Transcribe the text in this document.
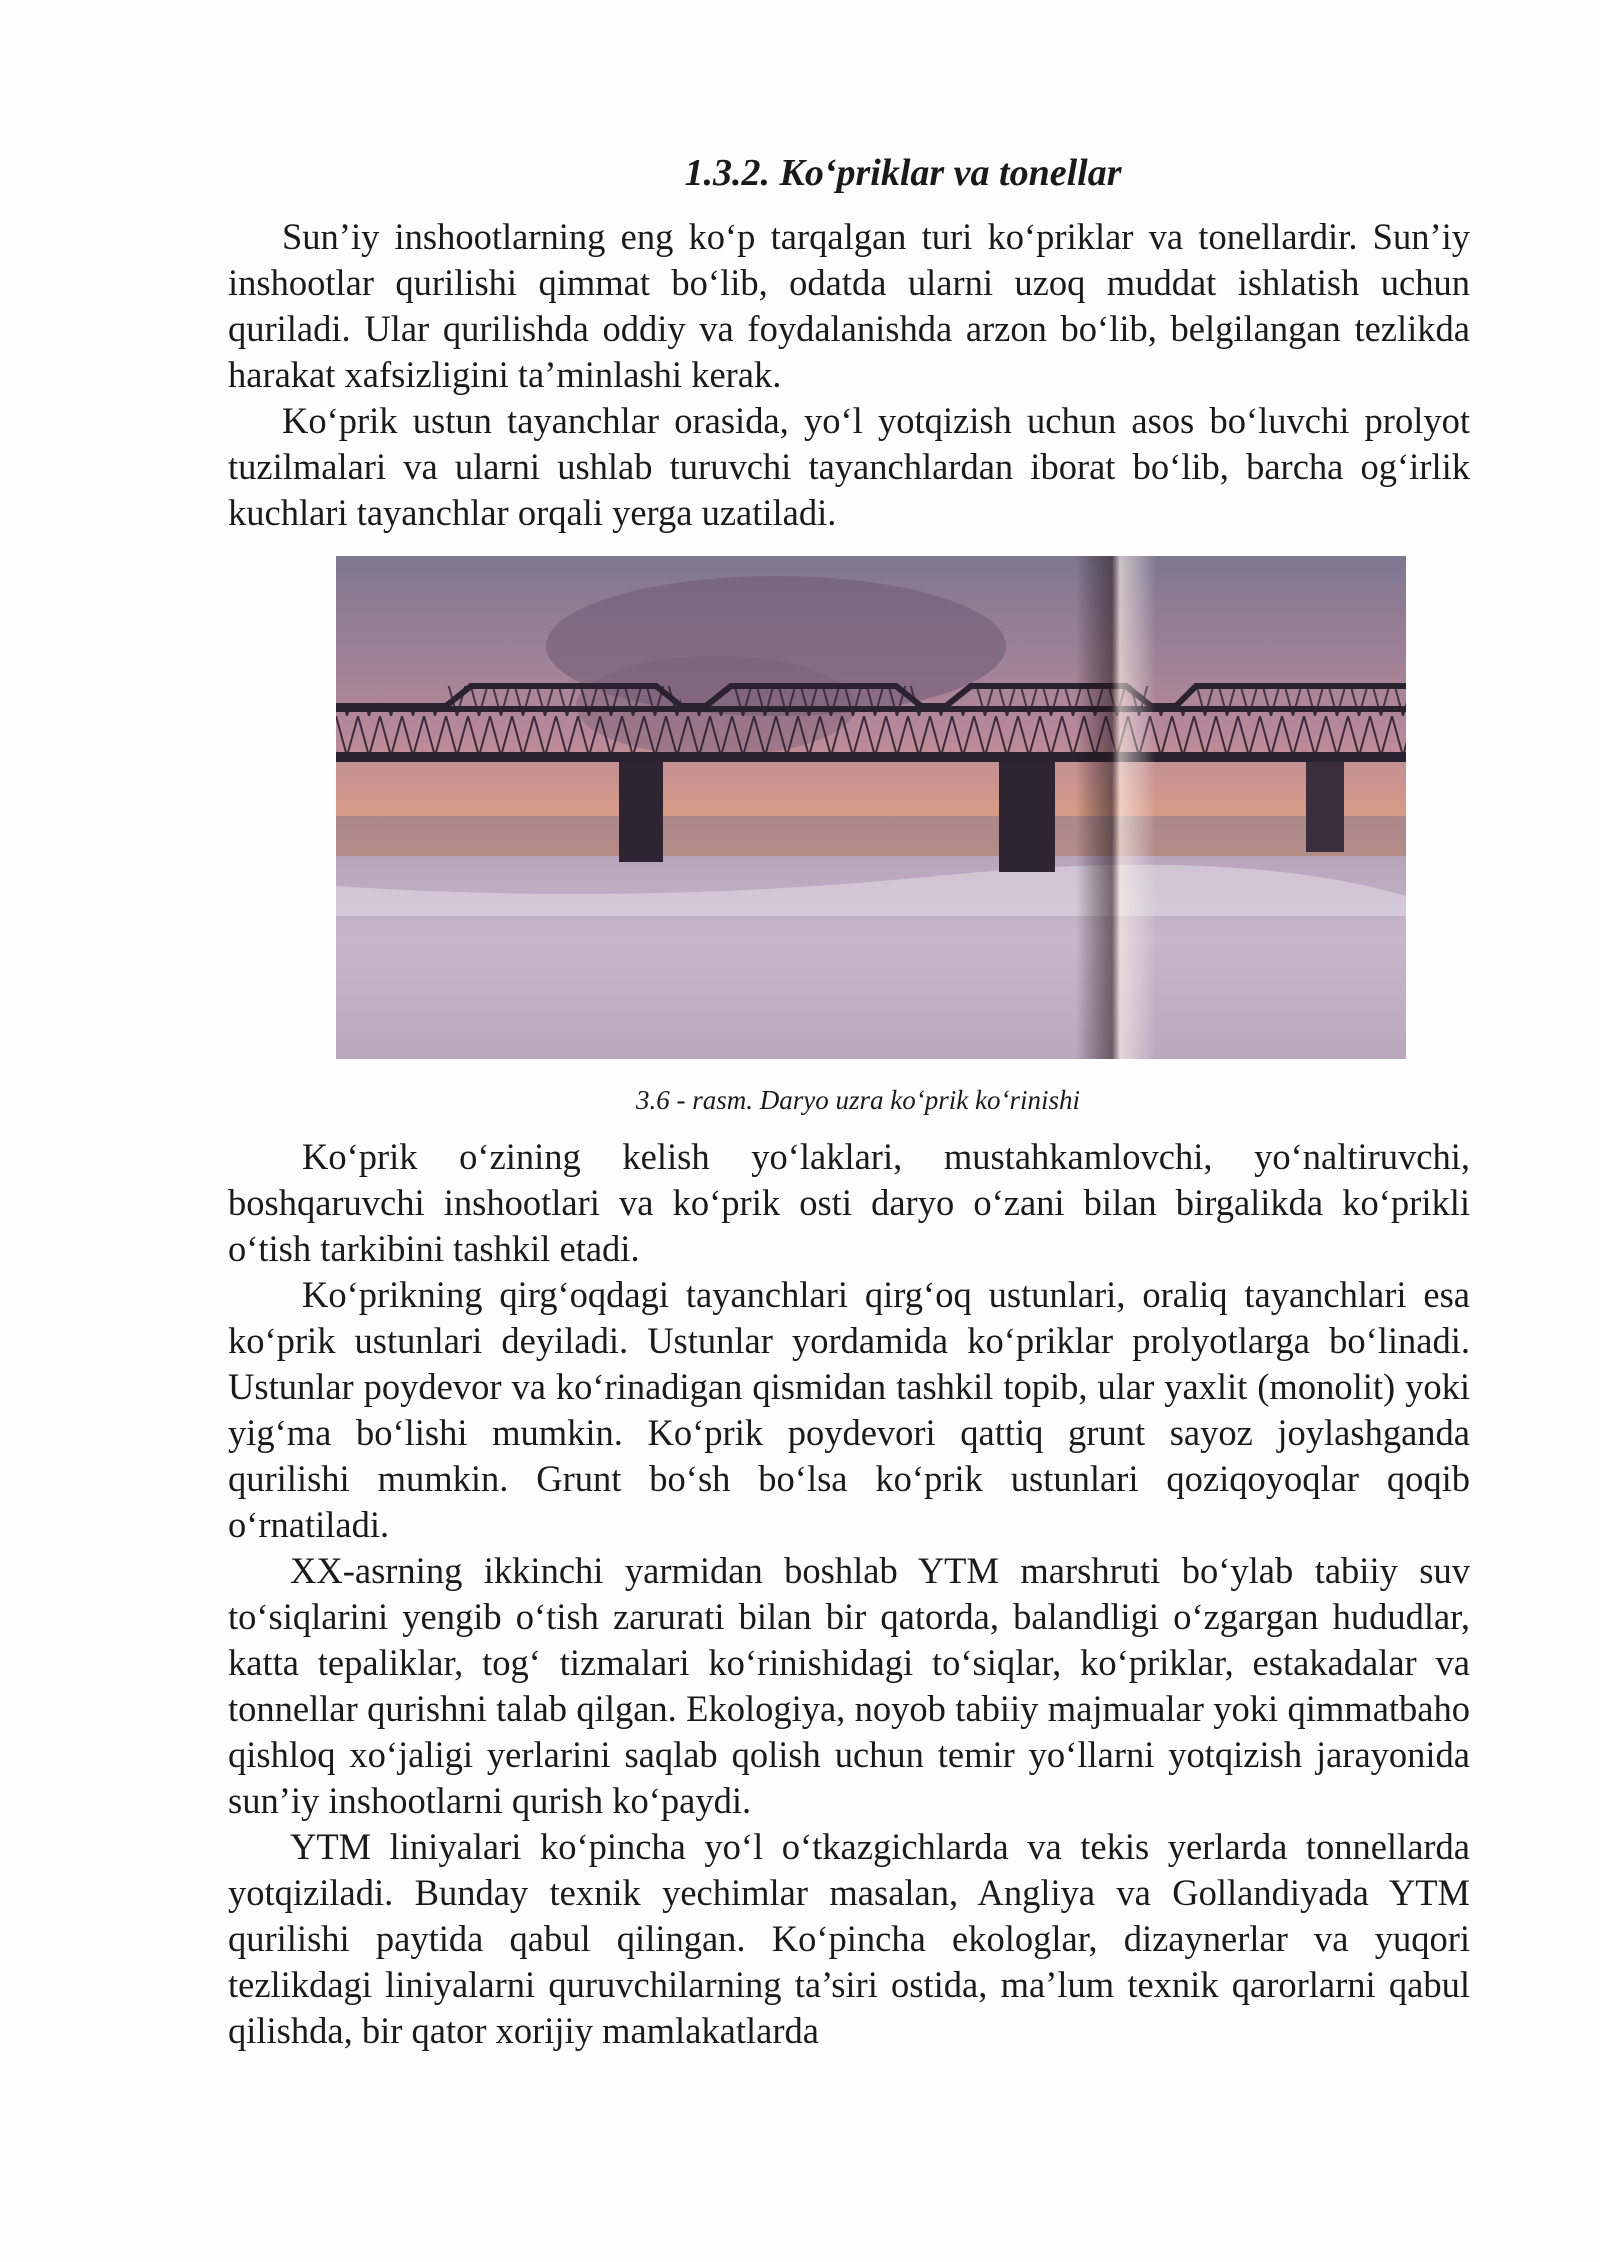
1.3.2. Ko‘priklar va tonellar

Sun’iy inshootlarning eng ko‘p tarqalgan turi ko‘priklar va tonellardir. Sun’iy inshootlar qurilishi qimmat bo‘lib, odatda ularni uzoq muddat ishlatish uchun quriladi. Ular qurilishda oddiy va foydalanishda arzon bo‘lib, belgilangan tezlikda harakat xafsizligini ta’minlashi kerak.

Ko‘prik ustun tayanchlar orasida, yo‘l yotqizish uchun asos bo‘luvchi prolyot tuzilmalari va ularni ushlab turuvchi tayanchlardan iborat bo‘lib, barcha og‘irlik kuchlari tayanchlar orqali yerga uzatiladi.

3.6 - rasm. Daryo uzra ko‘prik ko‘rinishi

Ko‘prik o‘zining kelish yo‘laklari, mustahkamlovchi, yo‘naltiruvchi, boshqaruvchi inshootlari va ko‘prik osti daryo o‘zani bilan birgalikda ko‘prikli o‘tish tarkibini tashkil etadi.

Ko‘prikning qirg‘oqdagi tayanchlari qirg‘oq ustunlari, oraliq tayanchlari esa ko‘prik ustunlari deyiladi. Ustunlar yordamida ko‘priklar prolyotlarga bo‘linadi. Ustunlar poydevor va ko‘rinadigan qismidan tashkil topib, ular yaxlit (monolit) yoki yig‘ma bo‘lishi mumkin. Ko‘prik poydevori qattiq grunt sayoz joylashganda qurilishi mumkin. Grunt bo‘sh bo‘lsa ko‘prik ustunlari qoziqoyoqlar qoqib o‘rnatiladi.

XX-asrning ikkinchi yarmidan boshlab YTM marshruti bo‘ylab tabiiy suv to‘siqlarini yengib o‘tish zarurati bilan bir qatorda, balandligi o‘zgargan hududlar, katta tepaliklar, tog‘ tizmalari ko‘rinishidagi to‘siqlar, ko‘priklar, estakadalar va tonnellar qurishni talab qilgan. Ekologiya, noyob tabiiy majmualar yoki qimmatbaho qishloq xo‘jaligi yerlarini saqlab qolish uchun temir yo‘llarni yotqizish jarayonida sun’iy inshootlarni qurish ko‘paydi.

YTM liniyalari ko‘pincha yo‘l o‘tkazgichlarda va tekis yerlarda tonnellarda yotqiziladi. Bunday texnik yechimlar masalan, Angliya va Gollandiyada YTM qurilishi paytida qabul qilingan. Ko‘pincha ekologlar, dizaynerlar va yuqori tezlikdagi liniyalarni quruvchilarning ta’siri ostida, ma’lum texnik qarorlarni qabul qilishda, bir qator xorijiy mamlakatlarda
